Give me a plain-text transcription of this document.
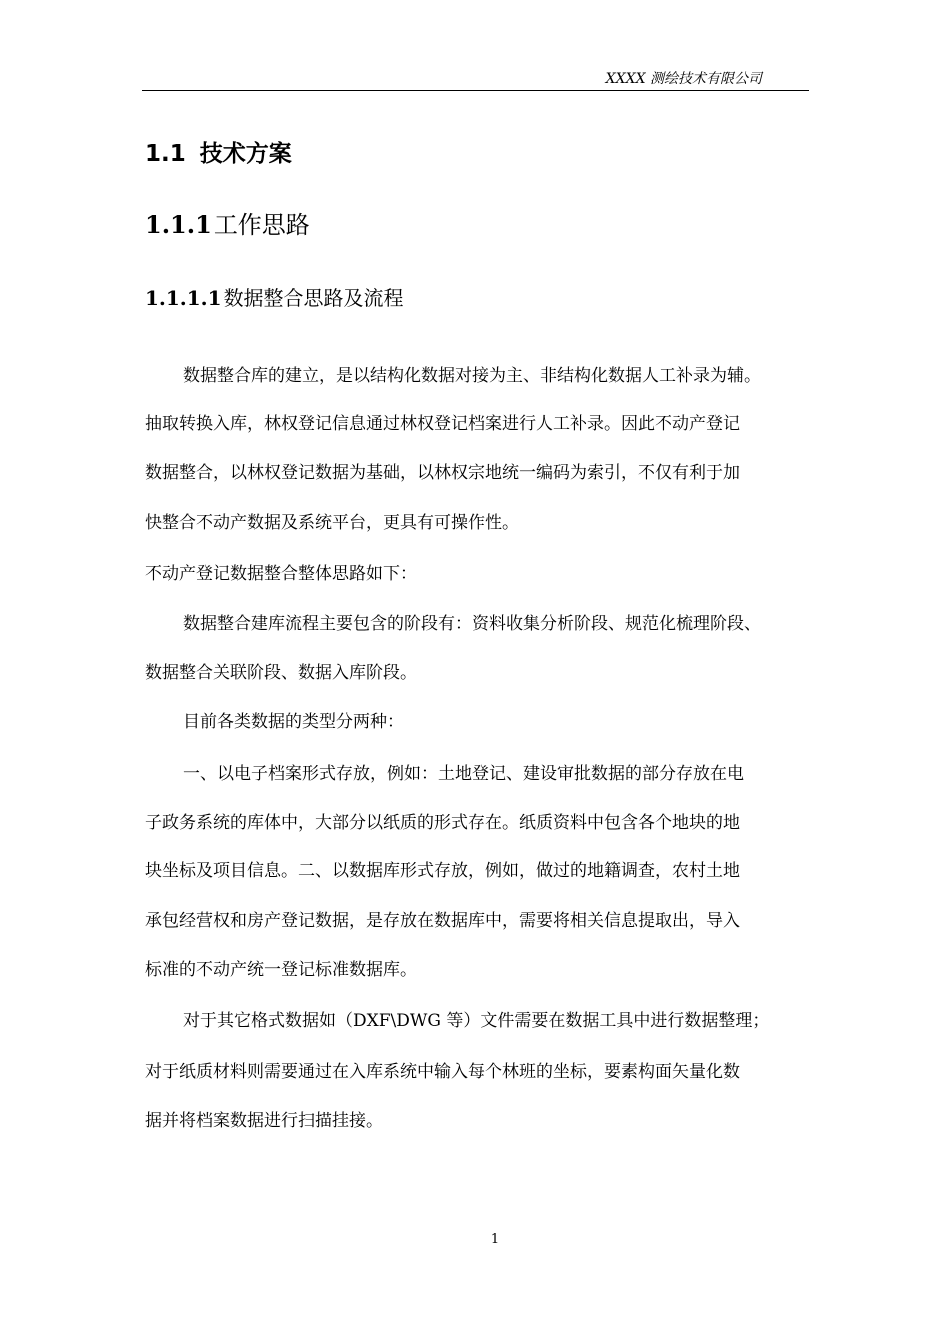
XXXX 测绘技术有限公司
1.1 技术方案
1.1.1工作思路
1.1.1.1 数据整合思路及流程
数据整合库的建立，是以结构化数据对接为主、非结构化数据人工补录为辅。
抽取转换入库，林权登记信息通过林权登记档案进行人工补录。因此不动产登记
数据整合，以林权登记数据为基础，以林权宗地统一编码为索引，不仅有利于加
快整合不动产数据及系统平台，更具有可操作性。
不动产登记数据整合整体思路如下：
数据整合建库流程主要包含的阶段有：资料收集分析阶段、规范化梳理阶段、
数据整合关联阶段、数据入库阶段。
目前各类数据的类型分两种：
一、以电子档案形式存放，例如：土地登记、建设审批数据的部分存放在电
子政务系统的库体中，大部分以纸质的形式存在。纸质资料中包含各个地块的地
块坐标及项目信息。二、以数据库形式存放，例如，做过的地籍调查，农村土地
承包经营权和房产登记数据，是存放在数据库中，需要将相关信息提取出，导入
标准的不动产统一登记标准数据库。
对于其它格式数据如（DXF\DWG 等）文件需要在数据工具中进行数据整理；
对于纸质材料则需要通过在入库系统中输入每个林班的坐标，要素构面矢量化数
据并将档案数据进行扫描挂接。
1
